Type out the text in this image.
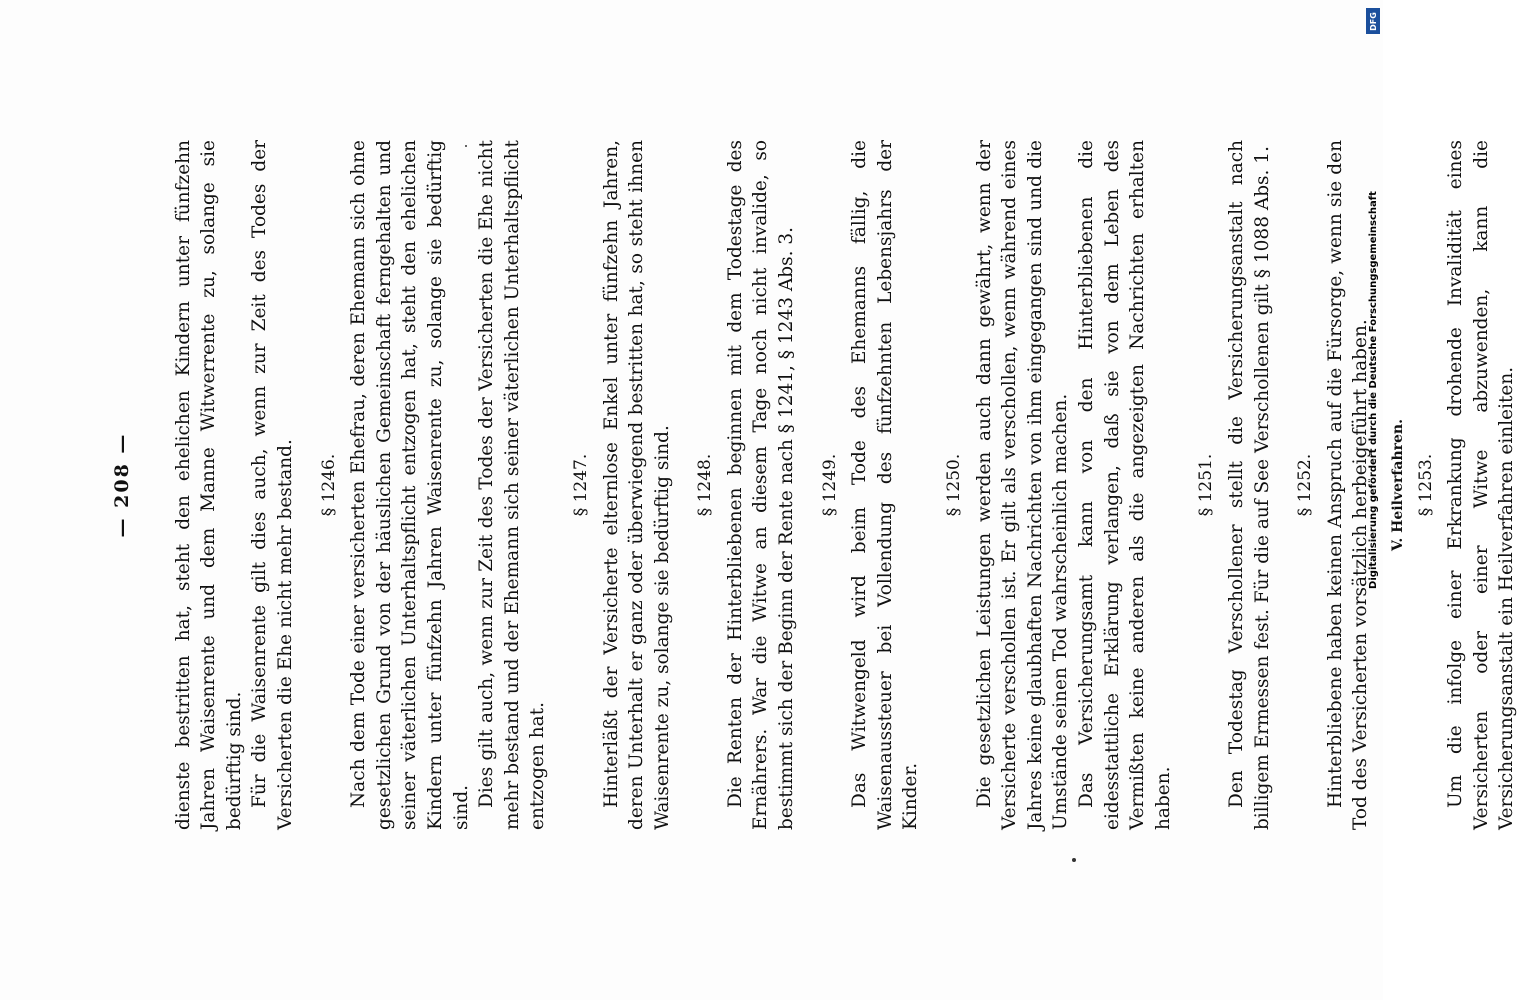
— 208 — dienste bestritten hat, steht den ehelichen Kindern unter fünfzehn Jahren Waisenrente und dem Manne Witwerrente zu, solange sie bedürftig sind. Für die Waisenrente gilt dies auch, wenn zur Zeit des Todes der Versicherten die Ehe nicht mehr bestand. § 1246. Nach dem Tode einer versicherten Ehefrau, deren Ehemann sich ohne gesetzlichen Grund von der häuslichen Gemeinschaft ferngehalten und seiner väterlichen Unterhaltspflicht entzogen hat, steht den ehelichen Kindern unter fünfzehn Jahren Waisenrente zu, solange sie bedürftig sind. Dies gilt auch, wenn zur Zeit des Todes der Versicherten die Ehe nicht mehr bestand und der Ehemann sich seiner väterlichen Unterhaltspflicht entzogen hat.

§ 1247. Hinterläßt der Versicherte elternlose Enkel unter fünfzehn Jahren, deren Unterhalt er ganz oder überwiegend bestritten hat, so steht ihnen Waisenrente zu, solange sie bedürftig sind. § 1248. Die Renten der Hinterbliebenen beginnen mit dem Todestage des Ernährers. War die Witwe an diesem Tage noch nicht invalide, so bestimmt sich der Beginn der Rente nach § 1241, § 1243 Abs. 3. § 1249. Das Witwengeld wird beim Tode des Ehemanns fällig, die Waisenaussteuer bei Vollendung des fünfzehnten Lebensjahrs der Kinder.

§ 1250. Die gesetzlichen Leistungen werden auch dann gewährt, wenn der Versicherte verschollen ist. Er gilt als verschollen, wenn während eines Jahres keine glaubhaften Nachrichten von ihm eingegangen sind und die Umstände seinen Tod wahrscheinlich machen. Das Versicherungsamt kann von den Hinterbliebenen die eidesstattliche Erklärung verlangen, daß sie von dem Leben des Vermißten keine anderen als die angezeigten Nachrichten erhalten haben.

§ 1251. Den Todestag Verschollener stellt die Versicherungsanstalt nach billigem Ermessen fest. Für die auf See Verschollenen gilt § 1088 Abs. 1. § 1252. Hinterbliebene haben keinen Anspruch auf die Fürsorge, wenn sie den Tod des Versicherten vorsätzlich herbeigeführt haben. V. Heilverfahren. § 1253. Um die infolge einer Erkrankung drohende Invalidität eines Versicherten oder einer Witwe abzuwenden, kann die Versicherungsanstalt ein Heilverfahren einleiten.

DFG
Digitalisierung gefördert durch die Deutsche Forschungsgemeinschaft
